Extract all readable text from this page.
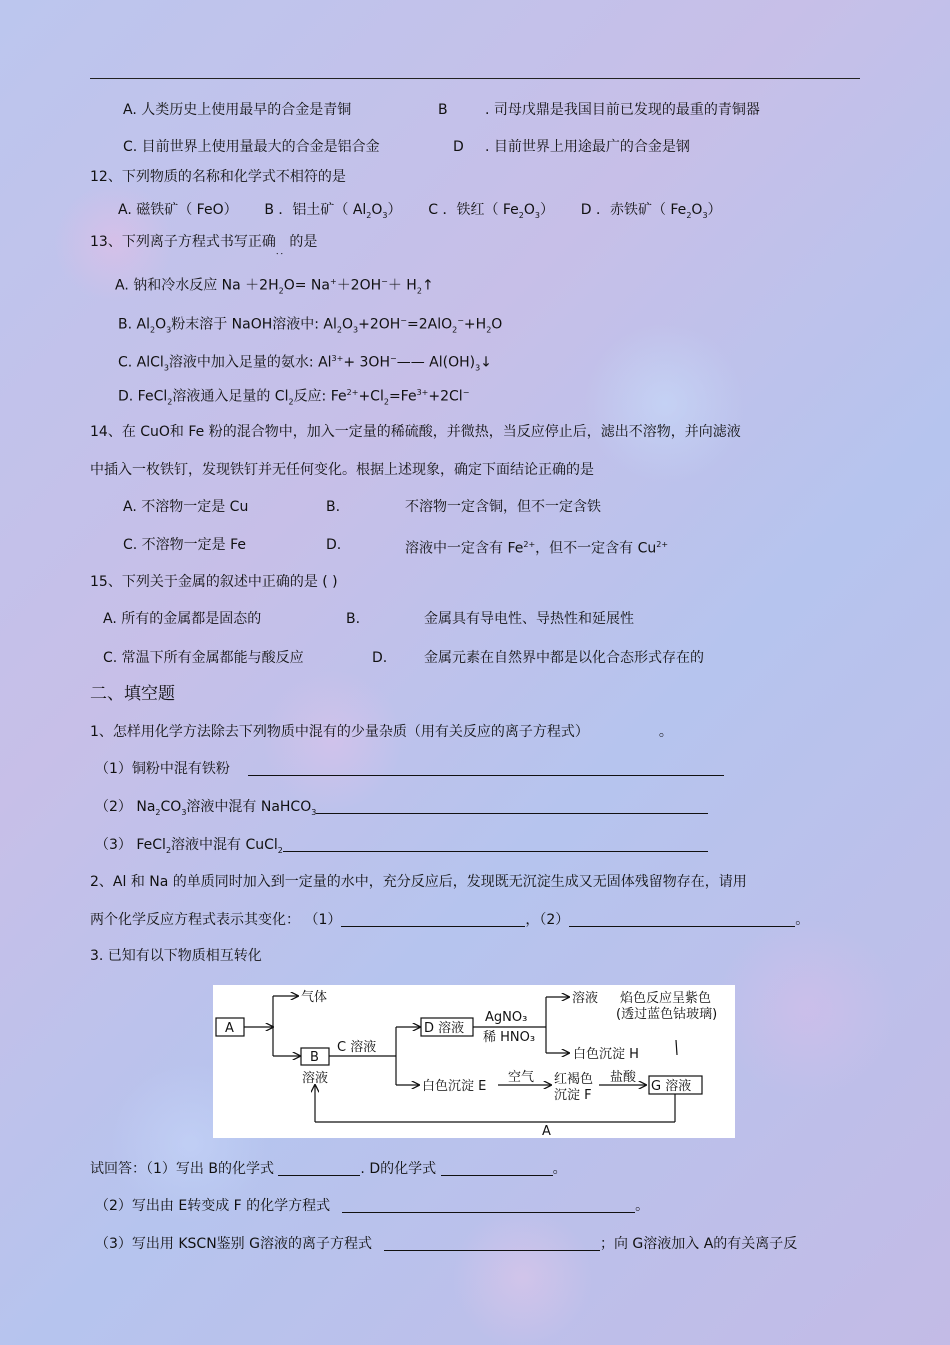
A. 人类历史上使用最早的合金是青铜	B	. 司母戊鼎是我国目前已发现的最重的青铜器
C. 目前世界上使用量最大的合金是铝合金	D . 目前世界上用途最广的合金是钢
12、下列物质的名称和化学式不相符的是
A. 磁铁矿（ FeO） B ．铝土矿（ $Al_2O_3$） C ．铁红（ $Fe_2O_3$） D ．赤铁矿（ $Fe_2O_3$）
13、下列离子方程式书写正确$_{..}$的是
A. 钠和冷水反应 $Na +2H_2O= Na^++2OH^-+$ $H_2↑$
B. $Al_2O_3$粉末溶于 NaOH溶液中: $Al_2O_3+2OH^-=2AlO_2^-+H_2O$
C. AlCl$_3$溶液中加入足量的氨水: $Al^{3+}+$ 3OH−—— $Al(OH)_3↓$
D. FeCl$_2$溶液通入足量的 $Cl_2$反应: $Fe^{2+}+Cl_2=Fe^{3+}+2Cl^-$
14、在 CuO和 Fe 粉的混合物中，加入一定量的稀硫酸，并微热，当反应停止后，滤出不溶物，并向滤液
中插入一枚铁钉，发现铁钉并无任何变化。根据上述现象，确定下面结论正确的是
A. 不溶物一定是 Cu	B.	不溶物一定含铜，但不一定含铁
C. 不溶物一定是 Fe	D.	溶液中一定含有 $Fe^{2+}$，但不一定含有 $Cu^{2+}$
15、下列关于金属的叙述中正确的是 ( )
A. 所有的金属都是固态的	B.	金属具有导电性、导热性和延展性
C. 常温下所有金属都能与酸反应	D.	金属元素在自然界中都是以化合态形式存在的
二、填空题
1、怎样用化学方法除去下列物质中混有的少量杂质（用有关反应的离子方程式）	。
（1）铜粉中混有铁粉
（2） $Na_2CO_3$溶液中混有 NaHCO$_3$
（3） FeCl$_2$溶液中混有 CuCl$_2$
2、Al 和 Na 的单质同时加入到一定量的水中，充分反应后，发现既无沉淀生成又无固体残留物存在，请用
两个化学反应方程式表示其变化： （1）	，（2）	。
3. 已知有以下物质相互转化
A
气体
B
溶液
C 溶液
D 溶液
AgNO₃
稀 HNO₃
溶液 焰色反应呈紫色
(透过蓝色钴玻璃)
白色沉淀 H
白色沉淀 E
空气 红褐色
沉淀 F
盐酸
G 溶液
A
试回答：（1）写出 B的化学式	. D的化学式	。
（2）写出由 E转变成 F 的化学方程式	。
（3）写出用 KSCN鉴别 G溶液的离子方程式	；向 G溶液加入 A的有关离子反
